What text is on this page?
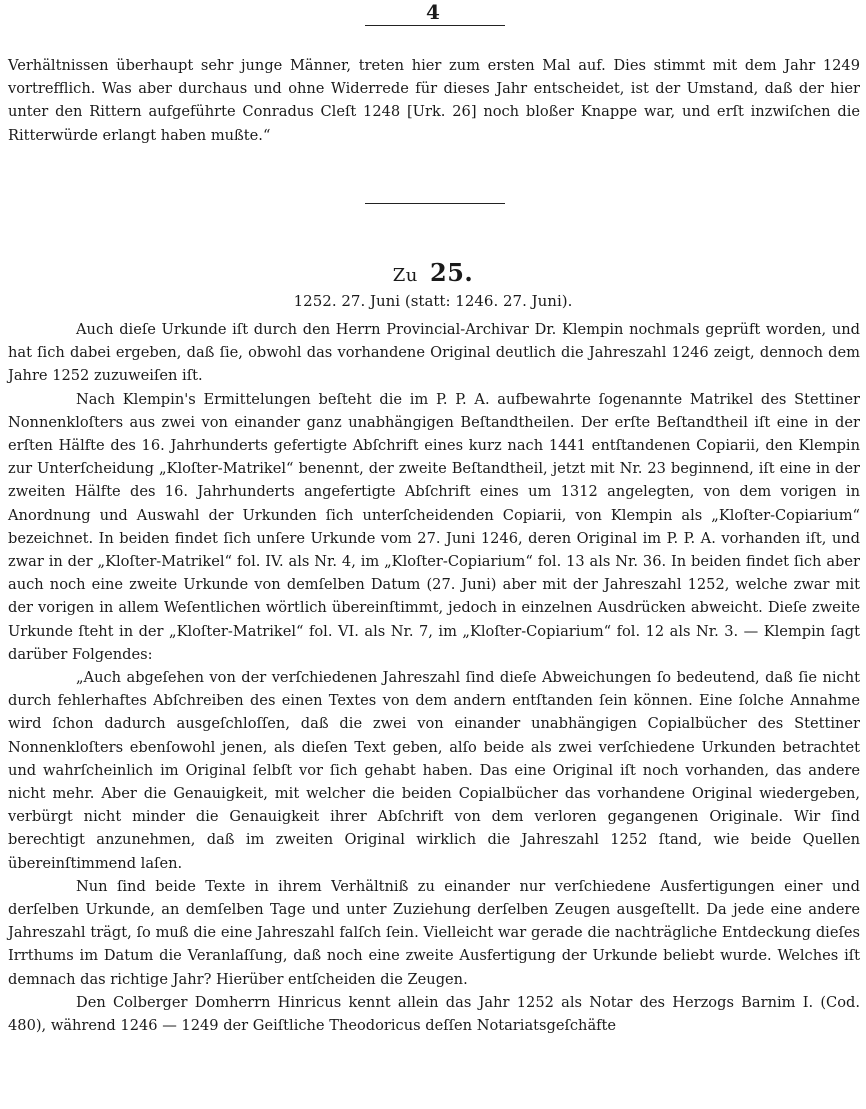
4
Verhältnissen überhaupt sehr junge Männer, treten hier zum ersten Mal auf. Dies stimmt mit dem Jahr 1249 vortrefflich. Was aber durchaus und ohne Widerrede für dieses Jahr entscheidet, ist der Umstand, daß der hier unter den Rittern aufgeführte Conradus Cleſt 1248 [Urk. 26] noch bloßer Knappe war, und erſt inzwiſchen die Ritterwürde erlangt haben mußte.“
Zu 25.
1252. 27. Juni (statt: 1246. 27. Juni).

Auch dieſe Urkunde iſt durch den Herrn Provincial-Archivar Dr. Klempin nochmals geprüft worden, und hat ſich dabei ergeben, daß ſie, obwohl das vorhandene Original deutlich die Jahreszahl 1246 zeigt, dennoch dem Jahre 1252 zuzuweiſen iſt.

Nach Klempin's Ermittelungen beſteht die im P. P. A. aufbewahrte ſogenannte Matrikel des Stettiner Nonnenkloſters aus zwei von einander ganz unabhängigen Beſtandtheilen. Der erſte Beſtandtheil iſt eine in der erſten Hälfte des 16. Jahrhunderts gefertigte Abſchrift eines kurz nach 1441 entſtandenen Copiarii, den Klempin zur Unterſcheidung „Kloſter-Matrikel“ benennt, der zweite Beſtandtheil, jetzt mit Nr. 23 beginnend, iſt eine in der zweiten Hälfte des 16. Jahrhunderts angefertigte Abſchrift eines um 1312 angelegten, von dem vorigen in Anordnung und Auswahl der Urkunden ſich unterſcheidenden Copiarii, von Klempin als „Kloſter-Copiarium“ bezeichnet. In beiden findet ſich unſere Urkunde vom 27. Juni 1246, deren Original im P. P. A. vorhanden iſt, und zwar in der „Kloſter-Matrikel“ fol. IV. als Nr. 4, im „Kloſter-Copiarium“ fol. 13 als Nr. 36. In beiden findet ſich aber auch noch eine zweite Urkunde von demſelben Datum (27. Juni) aber mit der Jahreszahl 1252, welche zwar mit der vorigen in allem Weſentlichen wörtlich übereinſtimmt, jedoch in einzelnen Ausdrücken abweicht. Dieſe zweite Urkunde ſteht in der „Kloſter-Matrikel“ fol. VI. als Nr. 7, im „Kloſter-Copiarium“ fol. 12 als Nr. 3. — Klempin ſagt darüber Folgendes:

„Auch abgeſehen von der verſchiedenen Jahreszahl ſind dieſe Abweichungen ſo bedeutend, daß ſie nicht durch fehlerhaftes Abſchreiben des einen Textes von dem andern entſtanden ſein können. Eine ſolche Annahme wird ſchon dadurch ausgeſchloſſen, daß die zwei von einander unabhängigen Copialbücher des Stettiner Nonnenkloſters ebenſowohl jenen, als dieſen Text geben, alſo beide als zwei verſchiedene Urkunden betrachtet und wahrſcheinlich im Original ſelbſt vor ſich gehabt haben. Das eine Original iſt noch vorhanden, das andere nicht mehr. Aber die Genauigkeit, mit welcher die beiden Copialbücher das vorhandene Original wiedergeben, verbürgt nicht minder die Genauigkeit ihrer Abſchrift von dem verloren gegangenen Originale. Wir ſind berechtigt anzunehmen, daß im zweiten Original wirklich die Jahreszahl 1252 ſtand, wie beide Quellen übereinſtimmend laſen.

Nun ſind beide Texte in ihrem Verhältniß zu einander nur verſchiedene Ausfertigungen einer und derſelben Urkunde, an demſelben Tage und unter Zuziehung derſelben Zeugen ausgeſtellt. Da jede eine andere Jahreszahl trägt, ſo muß die eine Jahreszahl falſch ſein. Vielleicht war gerade die nachträgliche Entdeckung dieſes Irrthums im Datum die Veranlaſſung, daß noch eine zweite Ausfertigung der Urkunde beliebt wurde. Welches iſt demnach das richtige Jahr? Hierüber entſcheiden die Zeugen.

Den Colberger Domherrn Hinricus kennt allein das Jahr 1252 als Notar des Herzogs Barnim I. (Cod. 480), während 1246 — 1249 der Geiſtliche Theodoricus deſſen Notariatsgeſchäfte
